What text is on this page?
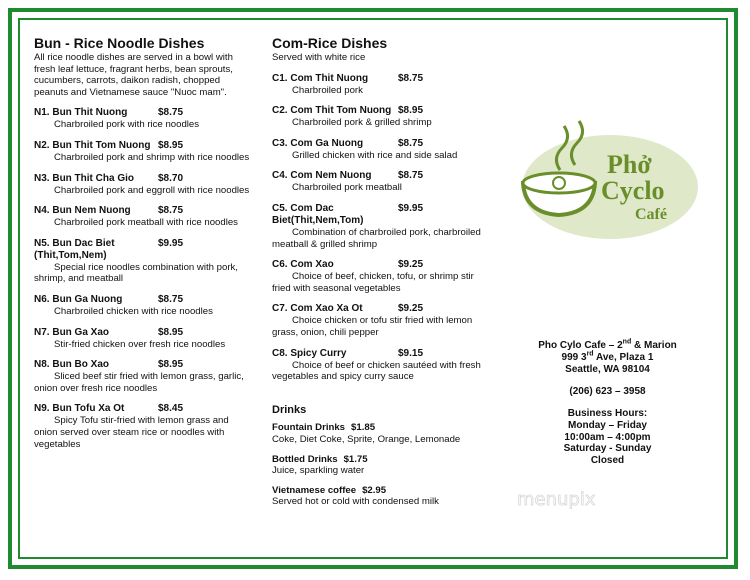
Bun - Rice Noodle Dishes
All rice noodle dishes are served in a bowl with fresh leaf lettuce, fragrant herbs, bean sprouts, cucumbers, carrots, daikon radish, chopped peanuts and Vietnamese sauce "Nuoc mam".
N1. Bun Thit Nuong	$8.75
Charbroiled pork with rice noodles
N2. Bun Thit Tom Nuong $8.95
Charbroiled pork and shrimp with rice noodles
N3. Bun Thit Cha Gio	$8.70
Charbroiled pork and eggroll with rice noodles
N4. Bun Nem Nuong	$8.75
Charbroiled pork meatball with rice noodles
N5. Bun Dac Biet (Thit,Tom,Nem)
$9.95
Special rice noodles combination with pork, shrimp, and meatball
N6. Bun Ga Nuong	$8.75
Charbroiled chicken with rice noodles
N7. Bun Ga Xao	$8.95
Stir-fried chicken over fresh rice noodles
N8. Bun Bo Xao	$8.95
Sliced beef stir fried with lemon grass, garlic, onion over fresh rice noodles
N9. Bun Tofu Xa Ot	$8.45
Spicy Tofu stir-fried with lemon grass and onion served over steam rice or noodles with vegetables
Com-Rice Dishes
Served with white rice
C1. Com Thit Nuong	$8.75
Charbroiled pork
C2. Com Thit Tom Nuong $8.95
Charbroiled pork & grilled shrimp
C3. Com Ga Nuong	$8.75
Grilled chicken with rice and side salad
C4. Com Nem Nuong	$8.75
Charbroiled pork meatball
C5. Com Dac Biet(Thit,Nem,Tom)
$9.95
Combination of charbroiled pork, charbroiled meatball & grilled shrimp
C6. Com Xao	$9.25
Choice of beef, chicken, tofu, or shrimp stir fried with seasonal vegetables
C7. Com Xao Xa Ot	$9.25
Choice chicken or tofu stir fried with lemon grass, onion, chili pepper
C8. Spicy Curry	$9.15
Choice of beef or chicken sautéed with fresh vegetables and spicy curry sauce
Drinks
Fountain Drinks $1.85
Coke, Diet Coke, Sprite, Orange, Lemonade
Bottled Drinks $1.75
Juice, sparkling water
Vietnamese coffee $2.95
Served hot or cold with condensed milk
Phở
Cyclo
Café
Pho Cylo Cafe – 2nd & Marion
999 3rd Ave, Plaza 1
Seattle, WA 98104
(206) 623 – 3958
Business Hours:
Monday – Friday
10:00am – 4:00pm
Saturday - Sunday
Closed
menupix
